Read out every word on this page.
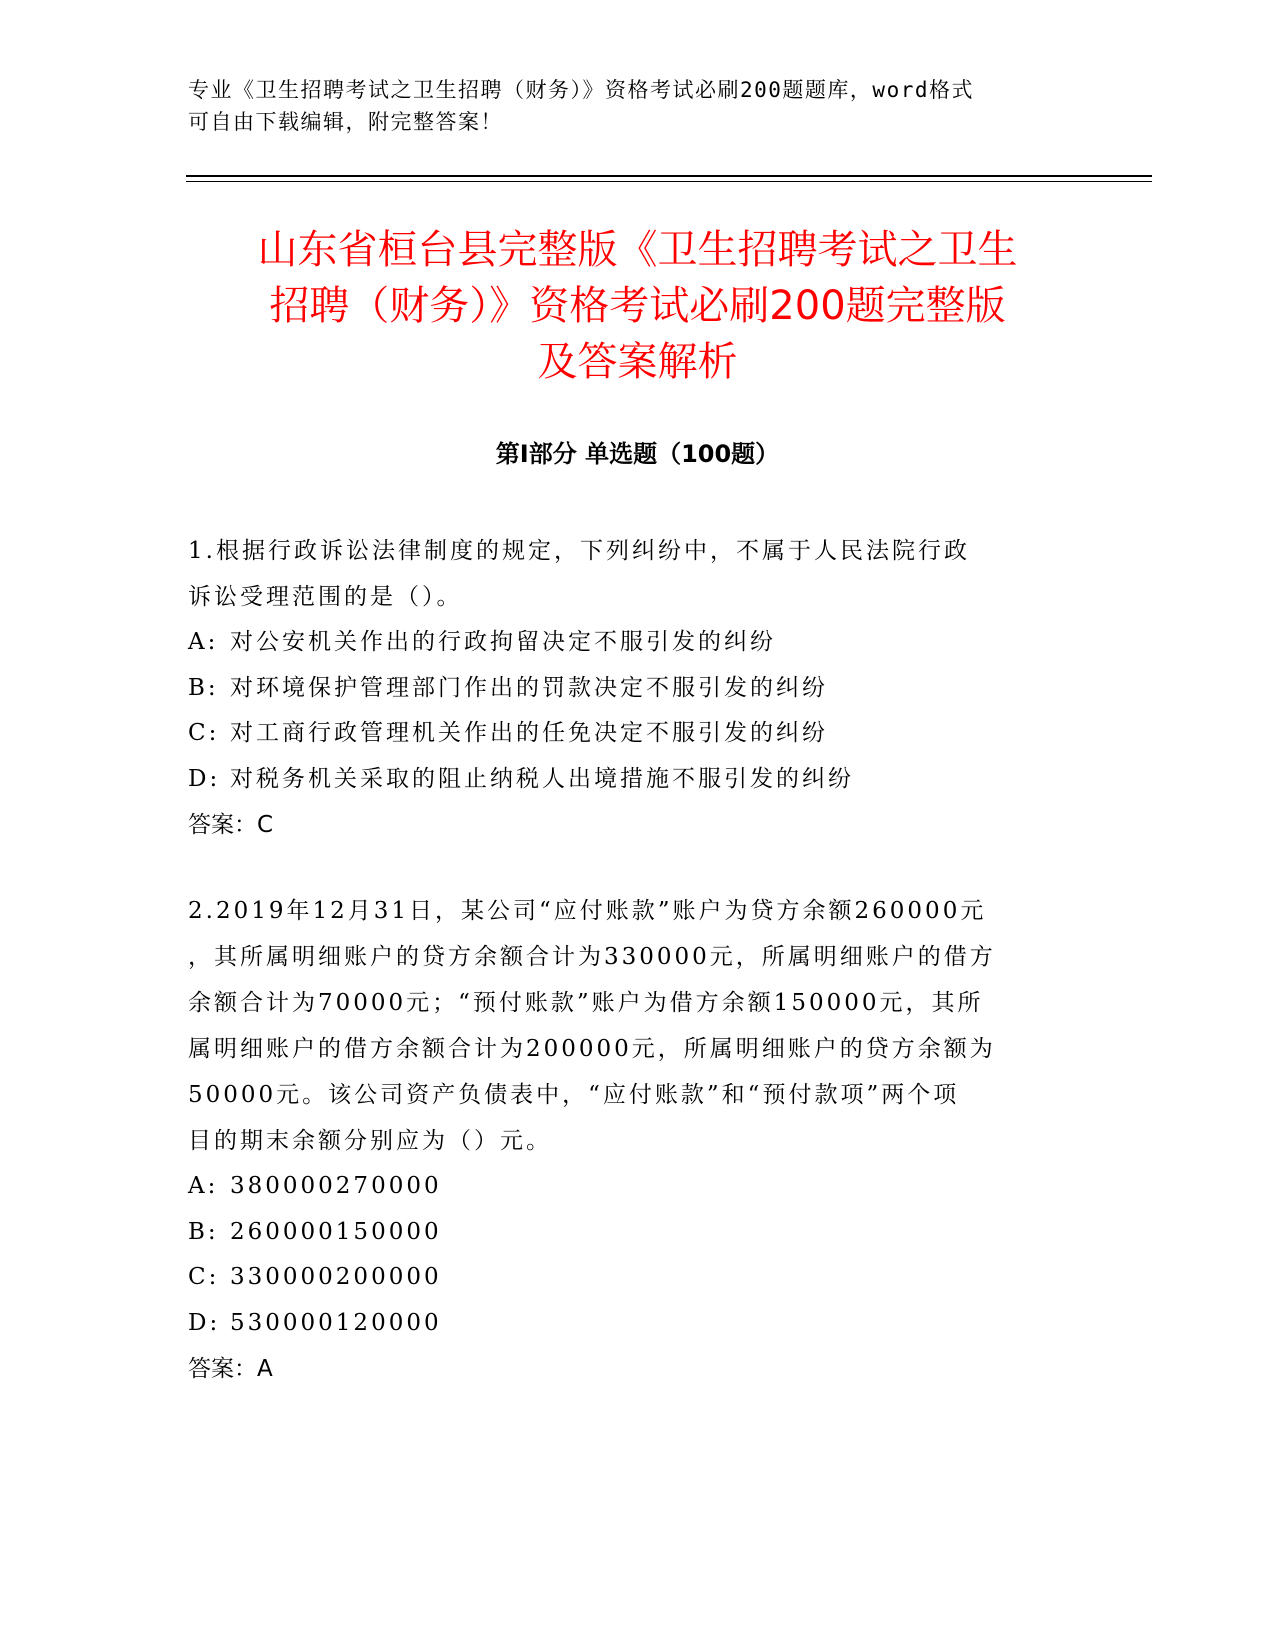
专业《卫生招聘考试之卫生招聘（财务）》资格考试必刷200题题库，word格式
可自由下载编辑，附完整答案！
山东省桓台县完整版《卫生招聘考试之卫生
招聘（财务）》资格考试必刷200题完整版
及答案解析
第Ⅰ部分 单选题（100题）

1.根据行政诉讼法律制度的规定，下列纠纷中，不属于人民法院行政

诉讼受理范围的是（）。

A: 对公安机关作出的行政拘留决定不服引发的纠纷

B: 对环境保护管理部门作出的罚款决定不服引发的纠纷

C: 对工商行政管理机关作出的任免决定不服引发的纠纷

D: 对税务机关采取的阻止纳税人出境措施不服引发的纠纷

答案：C

2.2019年12月31日，某公司“应付账款”账户为贷方余额260000元

，其所属明细账户的贷方余额合计为330000元，所属明细账户的借方

余额合计为70000元；“预付账款”账户为借方余额150000元，其所

属明细账户的借方余额合计为200000元，所属明细账户的贷方余额为

50000元。该公司资产负债表中，“应付账款”和“预付款项”两个项

目的期末余额分别应为（）元。

A: 380000270000

B: 260000150000

C: 330000200000

D: 530000120000

答案：A
